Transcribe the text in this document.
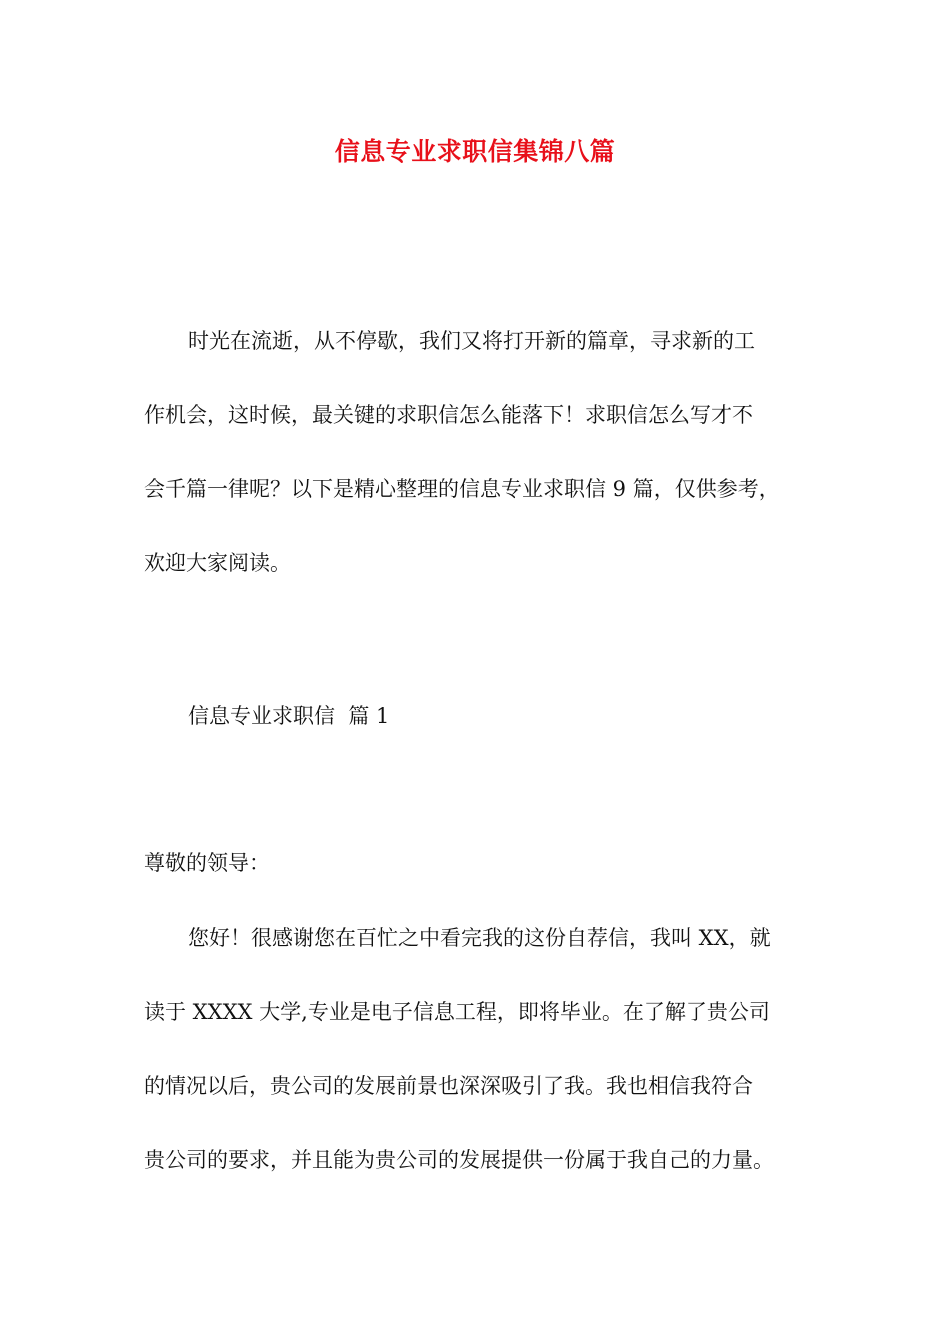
信息专业求职信集锦八篇
时光在流逝，从不停歇，我们又将打开新的篇章，寻求新的工
作机会，这时候，最关键的求职信怎么能落下！求职信怎么写才不
会千篇一律呢？以下是精心整理的信息专业求职信 9 篇，仅供参考，
欢迎大家阅读。
信息专业求职信  篇 1
尊敬的领导：
您好！很感谢您在百忙之中看完我的这份自荐信，我叫 XX，就
读于 XXXX 大学,专业是电子信息工程，即将毕业。在了解了贵公司
的情况以后，贵公司的发展前景也深深吸引了我。我也相信我符合
贵公司的要求，并且能为贵公司的发展提供一份属于我自己的力量。
